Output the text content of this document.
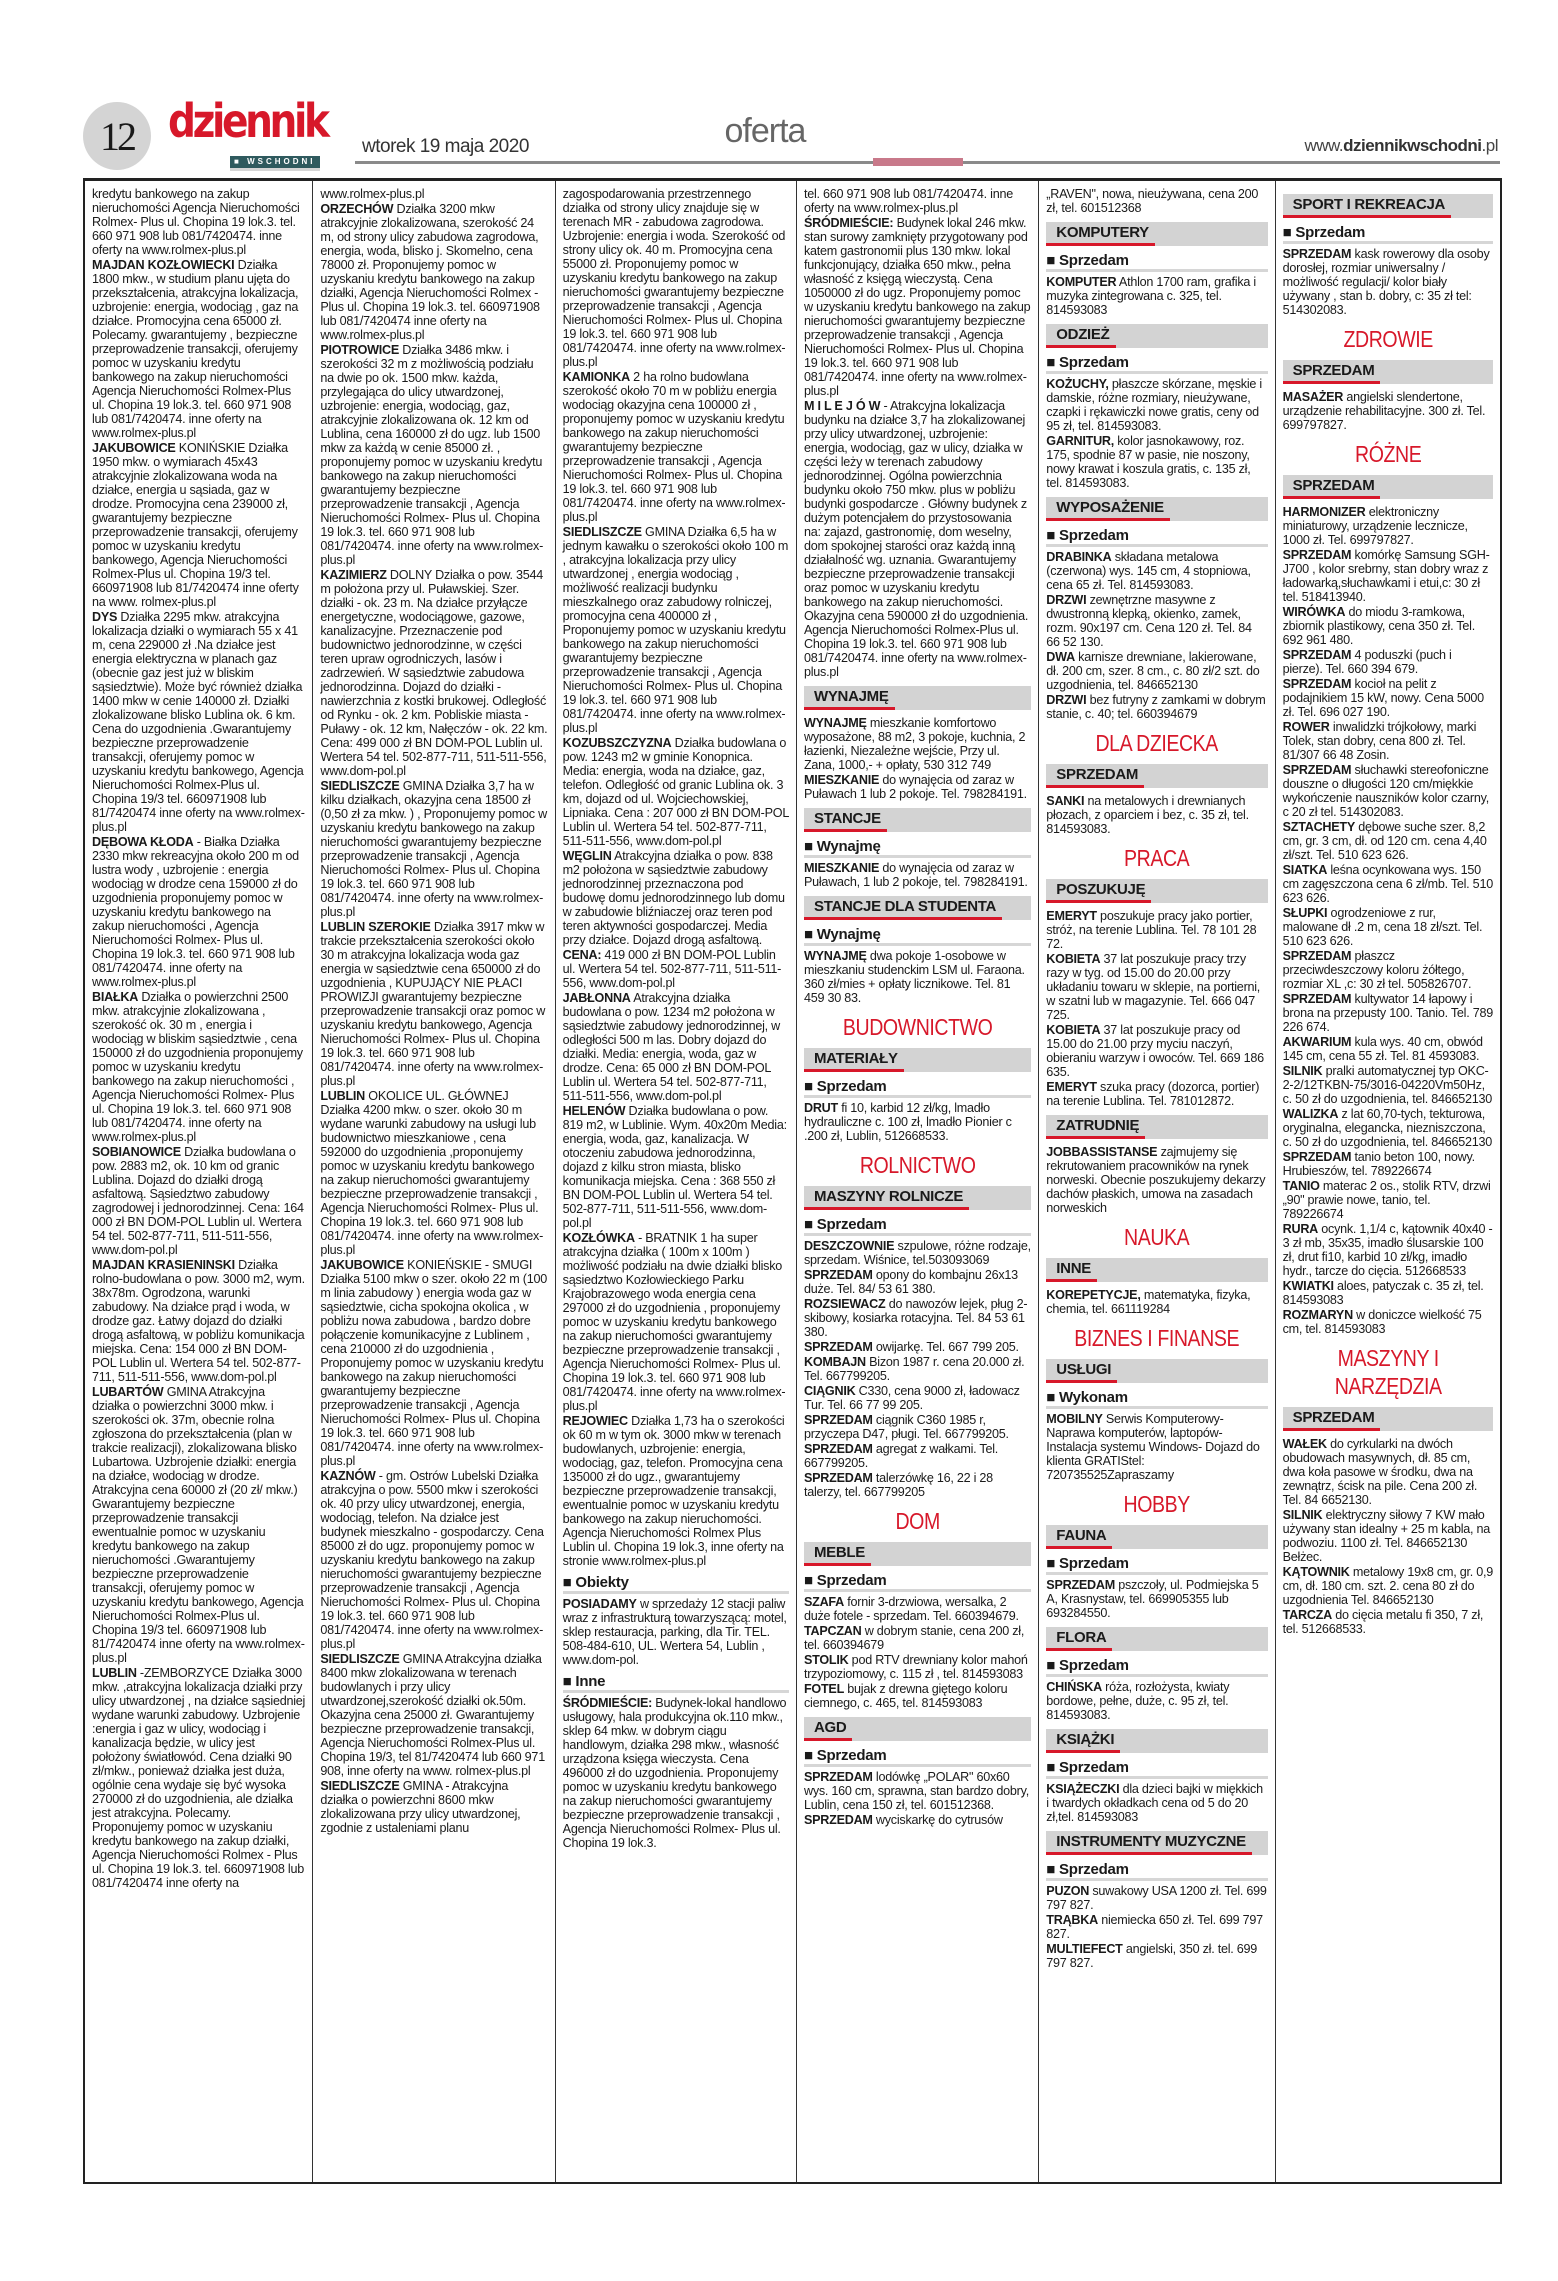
12 dziennik
■ WSCHODNI
wtorek 19 maja 2020	oferta	www.dziennikwschodni.pl
kredytu bankowego na zakup nieruchomości Agencja Nieruchomości Rolmex- Plus ul. Chopina 19 lok.3. tel. 660 971 908 lub 081/7420474. inne oferty na www.rolmex-plus.pl
MAJDAN KOZŁOWIECKI Działka 1800 mkw., w studium planu ujęta do przekształcenia, atrakcyjna lokalizacja, uzbrojenie: energia, wodociąg , gaz na działce. Promocyjna cena 65000 zł. Polecamy. gwarantujemy , bezpieczne przeprowadzenie transakcji, oferujemy pomoc w uzyskaniu kredytu bankowego na zakup nieruchomości Agencja Nieruchomości Rolmex-Plus ul. Chopina 19 lok.3. tel. 660 971 908 lub 081/7420474. inne oferty na www.rolmex-plus.pl
JAKUBOWICE KONIŃSKIE Działka 1950 mkw. o wymiarach 45x43 atrakcyjnie zlokalizowana woda na działce, energia u sąsiada, gaz w drodze. Promocyjna cena 239000 zł, gwarantujemy bezpieczne przeprowadzenie transakcji, oferujemy pomoc w uzyskaniu kredytu bankowego, Agencja Nieruchomości Rolmex-Plus ul. Chopina 19/3 tel. 660971908 lub 81/7420474 inne oferty na www. rolmex-plus.pl
DYS Działka 2295 mkw. atrakcyjna lokalizacja działki o wymiarach 55 x 41 m, cena 229000 zł .Na działce jest energia elektryczna w planach gaz (obecnie gaz jest już w bliskim sąsiedztwie). Może być również działka 1400 mkw w cenie 140000 zł. Działki zlokalizowane blisko Lublina ok. 6 km. Cena do uzgodnienia .Gwarantujemy bezpieczne przeprowadzenie transakcji, oferujemy pomoc w uzyskaniu kredytu bankowego, Agencja Nieruchomości Rolmex-Plus ul. Chopina 19/3 tel. 660971908 lub 81/7420474 inne oferty na www.rolmex-plus.pl
DĘBOWA KŁODA - Białka Działka 2330 mkw rekreacyjna około 200 m od lustra wody , uzbrojenie : energia wodociąg w drodze cena 159000 zł do uzgodnienia proponujemy pomoc w uzyskaniu kredytu bankowego na zakup nieruchomości , Agencja Nieruchomości Rolmex- Plus ul. Chopina 19 lok.3. tel. 660 971 908 lub 081/7420474. inne oferty na www.rolmex-plus.pl
BIAŁKA Działka o powierzchni 2500 mkw. atrakcyjnie zlokalizowana , szerokość ok. 30 m , energia i wodociąg w bliskim sąsiedztwie , cena 150000 zł do uzgodnienia proponujemy pomoc w uzyskaniu kredytu bankowego na zakup nieruchomości , Agencja Nieruchomości Rolmex- Plus ul. Chopina 19 lok.3. tel. 660 971 908 lub 081/7420474. inne oferty na www.rolmex-plus.pl
SOBIANOWICE Działka budowlana o pow. 2883 m2, ok. 10 km od granic Lublina. Dojazd do działki drogą asfaltową. Sąsiedztwo zabudowy zagrodowej i jednorodzinnej. Cena: 164 000 zł BN DOM-POL Lublin ul. Wertera 54 tel. 502-877-711, 511-511-556, www.dom-pol.pl
MAJDAN KRASIENINSKI Działka rolno-budowlana o pow. 3000 m2, wym. 38x78m. Ogrodzona, warunki zabudowy. Na działce prąd i woda, w drodze gaz. Łatwy dojazd do działki drogą asfaltową, w pobliżu komunikacja miejska. Cena: 154 000 zł BN DOM-POL Lublin ul. Wertera 54 tel. 502-877-711, 511-511-556, www.dom-pol.pl
LUBARTÓW GMINA Atrakcyjna działka o powierzchni 3000 mkw. i szerokości ok. 37m, obecnie rolna zgłoszona do przekształcenia (plan w trakcie realizacji), zlokalizowana blisko Lubartowa. Uzbrojenie działki: energia na działce, wodociąg w drodze. Atrakcyjna cena 60000 zł (20 zł/ mkw.) Gwarantujemy bezpieczne przeprowadzenie transakcji ewentualnie pomoc w uzyskaniu kredytu bankowego na zakup nieruchomości .Gwarantujemy bezpieczne przeprowadzenie transakcji, oferujemy pomoc w uzyskaniu kredytu bankowego, Agencja Nieruchomości Rolmex-Plus ul. Chopina 19/3 tel. 660971908 lub 81/7420474 inne oferty na www.rolmex-plus.pl
LUBLIN -ZEMBORZYCE Działka 3000 mkw. ,atrakcyjna lokalizacja działki przy ulicy utwardzonej , na działce sąsiedniej wydane warunki zabudowy. Uzbrojenie :energia i gaz w ulicy, wodociąg i kanalizacja będzie, w ulicy jest położony światłowód. Cena działki 90 zł/mkw., ponieważ działka jest duża, ogólnie cena wydaje się być wysoka 270000 zł do uzgodnienia, ale działka jest atrakcyjna. Polecamy. Proponujemy pomoc w uzyskaniu kredytu bankowego na zakup działki, Agencja Nieruchomości Rolmex - Plus ul. Chopina 19 lok.3. tel. 660971908 lub 081/7420474 inne oferty na
www.rolmex-plus.pl
ORZECHÓW Działka 3200 mkw atrakcyjnie zlokalizowana, szerokość 24 m, od strony ulicy zabudowa zagrodowa, energia, woda, blisko j. Skomelno, cena 78000 zł. Proponujemy pomoc w uzyskaniu kredytu bankowego na zakup działki, Agencja Nieruchomości Rolmex - Plus ul. Chopina 19 lok.3. tel. 660971908 lub 081/7420474 inne oferty na www.rolmex-plus.pl
PIOTROWICE Działka 3486 mkw. i szerokości 32 m z możliwością podziału na dwie po ok. 1500 mkw. każda, przylegająca do ulicy utwardzonej, uzbrojenie: energia, wodociąg, gaz, atrakcyjnie zlokalizowana ok. 12 km od Lublina, cena 160000 zł do ugz. lub 1500 mkw za każdą w cenie 85000 zł. , proponujemy pomoc w uzyskaniu kredytu bankowego na zakup nieruchomości gwarantujemy bezpieczne przeprowadzenie transakcji , Agencja Nieruchomości Rolmex- Plus ul. Chopina 19 lok.3. tel. 660 971 908 lub 081/7420474. inne oferty na www.rolmex-plus.pl
KAZIMIERZ DOLNY Działka o pow. 3544 m położona przy ul. Puławskiej. Szer. działki - ok. 23 m. Na działce przyłącze energetyczne, wodociągowe, gazowe, kanalizacyjne. Przeznaczenie pod budownictwo jednorodzinne, w części teren upraw ogrodniczych, lasów i zadrzewień. W sąsiedztwie zabudowa jednorodzinna. Dojazd do działki - nawierzchnia z kostki brukowej. Odległość od Rynku - ok. 2 km. Pobliskie miasta - Puławy - ok. 12 km, Nałęczów - ok. 22 km. Cena: 499 000 zł BN DOM-POL Lublin ul. Wertera 54 tel. 502-877-711, 511-511-556, www.dom-pol.pl
SIEDLISZCZE GMINA Działka 3,7 ha w kilku działkach, okazyjna cena 18500 zł (0,50 zł za mkw. ) , Proponujemy pomoc w uzyskaniu kredytu bankowego na zakup nieruchomości gwarantujemy bezpieczne przeprowadzenie transakcji , Agencja Nieruchomości Rolmex- Plus ul. Chopina 19 lok.3. tel. 660 971 908 lub 081/7420474. inne oferty na www.rolmex-plus.pl
LUBLIN SZEROKIE Działka 3917 mkw w trakcie przekształcenia szerokości około 30 m atrakcyjna lokalizacja woda gaz energia w sąsiedztwie cena 650000 zł do uzgodnienia , KUPUJĄCY NIE PŁACI PROWIZJI gwarantujemy bezpieczne przeprowadzenie transakcji oraz pomoc w uzyskaniu kredytu bankowego, Agencja Nieruchomości Rolmex- Plus ul. Chopina 19 lok.3. tel. 660 971 908 lub 081/7420474. inne oferty na www.rolmex-plus.pl
LUBLIN OKOLICE UL. GŁÓWNEJ Działka 4200 mkw. o szer. około 30 m wydane warunki zabudowy na usługi lub budownictwo mieszkaniowe , cena 592000 do uzgodnienia ,proponujemy pomoc w uzyskaniu kredytu bankowego na zakup nieruchomości gwarantujemy bezpieczne przeprowadzenie transakcji , Agencja Nieruchomości Rolmex- Plus ul. Chopina 19 lok.3. tel. 660 971 908 lub 081/7420474. inne oferty na www.rolmex-plus.pl
JAKUBOWICE KONIEŃSKIE - SMUGI Działka 5100 mkw o szer. około 22 m (100 m linia zabudowy ) energia woda gaz w sąsiedztwie, cicha spokojna okolica , w pobliżu nowa zabudowa , bardzo dobre połączenie komunikacyjne z Lublinem , cena 210000 zł do uzgodnienia , Proponujemy pomoc w uzyskaniu kredytu bankowego na zakup nieruchomości gwarantujemy bezpieczne przeprowadzenie transakcji , Agencja Nieruchomości Rolmex- Plus ul. Chopina 19 lok.3. tel. 660 971 908 lub 081/7420474. inne oferty na www.rolmex-plus.pl
KAZNÓW - gm. Ostrów Lubelski Działka atrakcyjna o pow. 5500 mkw i szerokości ok. 40 przy ulicy utwardzonej, energia, wodociąg, telefon. Na działce jest budynek mieszkalno - gospodarczy. Cena 85000 zł do ugz. proponujemy pomoc w uzyskaniu kredytu bankowego na zakup nieruchomości gwarantujemy bezpieczne przeprowadzenie transakcji , Agencja Nieruchomości Rolmex- Plus ul. Chopina 19 lok.3. tel. 660 971 908 lub 081/7420474. inne oferty na www.rolmex-plus.pl
SIEDLISZCZE GMINA Atrakcyjna działka 8400 mkw zlokalizowana w terenach budowlanych i przy ulicy utwardzonej,szerokość działki ok.50m. Okazyjna cena 25000 zł. Gwarantujemy bezpieczne przeprowadzenie transakcji, Agencja Nieruchomości Rolmex-Plus ul. Chopina 19/3, tel 81/7420474 lub 660 971 908, inne oferty na www. rolmex-plus.pl
SIEDLISZCZE GMINA - Atrakcyjna działka o powierzchni 8600 mkw zlokalizowana przy ulicy utwardzonej, zgodnie z ustaleniami planu
zagospodarowania przestrzennego działka od strony ulicy znajduje się w terenach MR - zabudowa zagrodowa. Uzbrojenie: energia i woda. Szerokość od strony ulicy ok. 40 m. Promocyjna cena 55000 zł. Proponujemy pomoc w uzyskaniu kredytu bankowego na zakup nieruchomości gwarantujemy bezpieczne przeprowadzenie transakcji , Agencja Nieruchomości Rolmex- Plus ul. Chopina 19 lok.3. tel. 660 971 908 lub 081/7420474. inne oferty na www.rolmex-plus.pl
KAMIONKA 2 ha rolno budowlana szerokość około 70 m w pobliżu energia wodociąg okazyjna cena 100000 zł , proponujemy pomoc w uzyskaniu kredytu bankowego na zakup nieruchomości gwarantujemy bezpieczne przeprowadzenie transakcji , Agencja Nieruchomości Rolmex- Plus ul. Chopina 19 lok.3. tel. 660 971 908 lub 081/7420474. inne oferty na www.rolmex-plus.pl
SIEDLISZCZE GMINA Działka 6,5 ha w jednym kawałku o szerokości około 100 m , atrakcyjna lokalizacja przy ulicy utwardzonej , energia wodociąg , możliwość realizacji budynku mieszkalnego oraz zabudowy rolniczej, promocyjna cena 400000 zł , Proponujemy pomoc w uzyskaniu kredytu bankowego na zakup nieruchomości gwarantujemy bezpieczne przeprowadzenie transakcji , Agencja Nieruchomości Rolmex- Plus ul. Chopina 19 lok.3. tel. 660 971 908 lub 081/7420474. inne oferty na www.rolmex-plus.pl
KOZUBSZCZYZNA Działka budowlana o pow. 1243 m2 w gminie Konopnica. Media: energia, woda na działce, gaz, telefon. Odległość od granic Lublina ok. 3 km, dojazd od ul. Wojciechowskiej, Lipniaka. Cena : 207 000 zł BN DOM-POL Lublin ul. Wertera 54 tel. 502-877-711, 511-511-556, www.dom-pol.pl
WĘGLIN Atrakcyjna działka o pow. 838 m2 położona w sąsiedztwie zabudowy jednorodzinnej przeznaczona pod budowę domu jednorodzinnego lub domu w zabudowie bliźniaczej oraz teren pod teren aktywności gospodarczej. Media przy działce. Dojazd drogą asfaltową.
CENA: 419 000 zł BN DOM-POL Lublin ul. Wertera 54 tel. 502-877-711, 511-511-556, www.dom-pol.pl
JABŁONNA Atrakcyjna działka budowlana o pow. 1234 m2 położona w sąsiedztwie zabudowy jednorodzinnej, w odległości 500 m las. Dobry dojazd do działki. Media: energia, woda, gaz w drodze. Cena: 65 000 zł BN DOM-POL Lublin ul. Wertera 54 tel. 502-877-711, 511-511-556, www.dom-pol.pl
HELENÓW Działka budowlana o pow. 819 m2, w Lublinie. Wym. 40x20m Media: energia, woda, gaz, kanalizacja. W otoczeniu zabudowa jednorodzinna, dojazd z kilku stron miasta, blisko komunikacja miejska. Cena : 368 550 zł BN DOM-POL Lublin ul. Wertera 54 tel. 502-877-711, 511-511-556, www.dom-pol.pl
KOZŁÓWKA - BRATNIK 1 ha super atrakcyjna działka ( 100m x 100m ) możliwość podziału na dwie działki blisko sąsiedztwo Kozłowieckiego Parku Krajobrazowego woda energia cena 297000 zł do uzgodnienia , proponujemy pomoc w uzyskaniu kredytu bankowego na zakup nieruchomości gwarantujemy bezpieczne przeprowadzenie transakcji , Agencja Nieruchomości Rolmex- Plus ul. Chopina 19 lok.3. tel. 660 971 908 lub 081/7420474. inne oferty na www.rolmex-plus.pl
REJOWIEC Działka 1,73 ha o szerokości ok 60 m w tym ok. 3000 mkw w terenach budowlanych, uzbrojenie: energia, wodociąg, gaz, telefon. Promocyjna cena 135000 zł do ugz., gwarantujemy bezpieczne przeprowadzenie transakcji, ewentualnie pomoc w uzyskaniu kredytu bankowego na zakup nieruchomości. Agencja Nieruchomości Rolmex Plus Lublin ul. Chopina 19 lok.3, inne oferty na stronie www.rolmex-plus.pl
■ Obiekty
POSIADAMY w sprzedaży 12 stacji paliw wraz z infrastrukturą towarzyszącą: motel, sklep restauracja, parking, dla Tir. TEL. 508-484-610, UL. Wertera 54, Lublin , www.dom-pol.
■ Inne
ŚRÓDMIEŚCIE: Budynek-lokal handlowo usługowy, hala produkcyjna ok.110 mkw., sklep 64 mkw. w dobrym ciągu handlowym, działka 298 mkw., własność urządzona księga wieczysta. Cena 496000 zł do uzgodnienia. Proponujemy pomoc w uzyskaniu kredytu bankowego na zakup nieruchomości gwarantujemy bezpieczne przeprowadzenie transakcji , Agencja Nieruchomości Rolmex- Plus ul. Chopina 19 lok.3.
tel. 660 971 908 lub 081/7420474. inne oferty na www.rolmex-plus.pl
ŚRÓDMIEŚCIE: Budynek lokal 246 mkw. stan surowy zamknięty przygotowany pod katem gastronomii plus 130 mkw. lokal funkcjonujący, działka 650 mkw., pełna własność z księgą wieczystą. Cena 1050000 zł do ugz. Proponujemy pomoc w uzyskaniu kredytu bankowego na zakup nieruchomości gwarantujemy bezpieczne przeprowadzenie transakcji , Agencja Nieruchomości Rolmex- Plus ul. Chopina 19 lok.3. tel. 660 971 908 lub 081/7420474. inne oferty na www.rolmex-plus.pl
M I L E J Ó W - Atrakcyjna lokalizacja budynku na działce 3,7 ha zlokalizowanej przy ulicy utwardzonej, uzbrojenie: energia, wodociąg, gaz w ulicy, działka w części leży w terenach zabudowy jednorodzinnej. Ogólna powierzchnia budynku około 750 mkw. plus w pobliżu budynki gospodarcze . Główny budynek z dużym potencjałem do przystosowania na: zajazd, gastronomię, dom weselny, dom spokojnej starości oraz każdą inną działalność wg. uznania. Gwarantujemy bezpieczne przeprowadzenie transakcji oraz pomoc w uzyskaniu kredytu bankowego na zakup nieruchomości. Okazyjna cena 590000 zł do uzgodnienia. Agencja Nieruchomości Rolmex-Plus ul. Chopina 19 lok.3. tel. 660 971 908 lub 081/7420474. inne oferty na www.rolmex-plus.pl
WYNAJMĘ
WYNAJMĘ mieszkanie komfortowo wyposażone, 88 m2, 3 pokoje, kuchnia, 2 łazienki, Niezależne wejście, Przy ul. Zana, 1000,- + opłaty, 530 312 749
MIESZKANIE do wynajęcia od zaraz w Puławach 1 lub 2 pokoje. Tel. 798284191.
STANCJE
■ Wynajmę
MIESZKANIE do wynajęcia od zaraz w Puławach, 1 lub 2 pokoje, tel. 798284191.
STANCJE DLA STUDENTA
■ Wynajmę
WYNAJMĘ dwa pokoje 1-osobowe w mieszkaniu studenckim LSM ul. Faraona. 360 zł/mies + opłaty licznikowe. Tel. 81 459 30 83.
BUDOWNICTWO
MATERIAŁY
■ Sprzedam
DRUT fi 10, karbid 12 zł/kg, lmadło hydrauliczne c. 100 zł, lmadło Pionier c .200 zł, Lublin, 512668533.
ROLNICTWO
MASZYNY ROLNICZE
■ Sprzedam
DESZCZOWNIE szpulowe, różne rodzaje, sprzedam. Wiśnice, tel.503093069
SPRZEDAM opony do kombajnu 26x13 duże. Tel. 84/ 53 61 380.
ROZSIEWACZ do nawozów lejek, pług 2-skibowy, kosiarka rotacyjna. Tel. 84 53 61 380.
SPRZEDAM owijarkę. Tel. 667 799 205.
KOMBAJN Bizon 1987 r. cena 20.000 zł. Tel. 667799205.
CIĄGNIK C330, cena 9000 zł, ładowacz Tur. Tel. 66 77 99 205.
SPRZEDAM ciągnik C360 1985 r, przyczepa D47, pługi. Tel. 667799205.
SPRZEDAM agregat z wałkami. Tel. 667799205.
SPRZEDAM talerzówkę 16, 22 i 28 talerzy, tel. 667799205
DOM
MEBLE
■ Sprzedam
SZAFA fornir 3-drzwiowa, wersalka, 2 duże fotele - sprzedam. Tel. 660394679.
TAPCZAN w dobrym stanie, cena 200 zł, tel. 660394679
STOLIK pod RTV drewniany kolor mahoń trzypoziomowy, c. 115 zł , tel. 814593083
FOTEL bujak z drewna giętego koloru ciemnego, c. 465, tel. 814593083
AGD
■ Sprzedam
SPRZEDAM lodówkę „POLAR" 60x60 wys. 160 cm, sprawna, stan bardzo dobry, Lublin, cena 150 zł, tel. 601512368.
SPRZEDAM wyciskarkę do cytrusów
„RAVEN", nowa, nieużywana, cena 200 zł, tel. 601512368
KOMPUTERY
■ Sprzedam
KOMPUTER Athlon 1700 ram, grafika i muzyka zintegrowana c. 325, tel. 814593083
ODZIEŻ
■ Sprzedam
KOŻUCHY, płaszcze skórzane, męskie i damskie, różne rozmiary, nieużywane, czapki i rękawiczki nowe gratis, ceny od 95 zł, tel. 814593083.
GARNITUR, kolor jasnokawowy, roz. 175, spodnie 87 w pasie, nie noszony, nowy krawat i koszula gratis, c. 135 zł, tel. 814593083.
WYPOSAŻENIE
■ Sprzedam
DRABINKA składana metalowa (czerwona) wys. 145 cm, 4 stopniowa, cena 65 zł. Tel. 814593083.
DRZWI zewnętrzne masywne z dwustronną klepką, okienko, zamek, rozm. 90x197 cm. Cena 120 zł. Tel. 84 66 52 130.
DWA karnisze drewniane, lakierowane, dł. 200 cm, szer. 8 cm., c. 80 zł/2 szt. do uzgodnienia, tel. 846652130
DRZWI bez futryny z zamkami w dobrym stanie, c. 40; tel. 660394679
DLA DZIECKA
SPRZEDAM
SANKI na metalowych i drewnianych płozach, z oparciem i bez, c. 35 zł, tel. 814593083.
PRACA
POSZUKUJĘ
EMERYT poszukuje pracy jako portier, stróż, na terenie Lublina. Tel. 78 101 28 72.
KOBIETA 37 lat poszukuje pracy trzy razy w tyg. od 15.00 do 20.00 przy układaniu towaru w sklepie, na portierni, w szatni lub w magazynie. Tel. 666 047 725.
KOBIETA 37 lat poszukuje pracy od 15.00 do 21.00 przy myciu naczyń, obieraniu warzyw i owoców. Tel. 669 186 635.
EMERYT szuka pracy (dozorca, portier) na terenie Lublina. Tel. 781012872.
ZATRUDNIĘ
JOBBASSISTANSE zajmujemy się rekrutowaniem pracowników na rynek norweski. Obecnie poszukujemy dekarzy dachów płaskich, umowa na zasadach norweskich
NAUKA
INNE
KOREPETYCJE, matematyka, fizyka, chemia, tel. 661119284
BIZNES I FINANSE
USŁUGI
■ Wykonam
MOBILNY Serwis Komputerowy-Naprawa komputerów, laptopów-Instalacja systemu Windows- Dojazd do klienta GRATIStel: 720735525Zapraszamy
HOBBY
FAUNA
■ Sprzedam
SPRZEDAM pszczoły, ul. Podmiejska 5 A, Krasnystaw, tel. 669905355 lub 693284550.
FLORA
■ Sprzedam
CHIŃSKA róża, rozłożysta, kwiaty bordowe, pełne, duże, c. 95 zł, tel. 814593083.
KSIĄŻKI
■ Sprzedam
KSIĄŻECZKI dla dzieci bajki w miękkich i twardych okładkach cena od 5 do 20 zł,tel. 814593083
INSTRUMENTY MUZYCZNE
■ Sprzedam
PUZON suwakowy USA 1200 zł. Tel. 699 797 827.
TRĄBKA niemiecka 650 zł. Tel. 699 797 827.
MULTIEFECT angielski, 350 zł. tel. 699 797 827.
SPORT I REKREACJA
■ Sprzedam
SPRZEDAM kask rowerowy dla osoby dorosłej, rozmiar uniwersalny / możliwość regulacji/ kolor biały używany , stan b. dobry, c: 35 zł tel: 514302083.
ZDROWIE
SPRZEDAM
MASAŻER angielski slendertone, urządzenie rehabilitacyjne. 300 zł. Tel. 699797827.
RÓŻNE
SPRZEDAM
HARMONIZER elektroniczny miniaturowy, urządzenie lecznicze, 1000 zł. Tel. 699797827.
SPRZEDAM komórkę Samsung SGH-J700 , kolor srebrny, stan dobry wraz z ładowarką,słuchawkami i etui,c: 30 zł tel. 518413940.
WIRÓWKA do miodu 3-ramkowa, zbiornik plastikowy, cena 350 zł. Tel. 692 961 480.
SPRZEDAM 4 poduszki (puch i pierze). Tel. 660 394 679.
SPRZEDAM kocioł na pelit z podajnikiem 15 kW, nowy. Cena 5000 zł. Tel. 696 027 190.
ROWER inwalidzki trójkołowy, marki Tolek, stan dobry, cena 800 zł. Tel. 81/307 66 48 Zosin.
SPRZEDAM słuchawki stereofoniczne douszne o długości 120 cm/miękkie wykończenie nauszników kolor czarny, c 20 zł tel. 514302083.
SZTACHETY dębowe suche szer. 8,2 cm, gr. 3 cm, dł. od 120 cm. cena 4,40 zł/szt. Tel. 510 623 626.
SIATKA leśna ocynkowana wys. 150 cm zagęszczona cena 6 zł/mb. Tel. 510 623 626.
SŁUPKI ogrodzeniowe z rur, malowane dł .2 m, cena 18 zł/szt. Tel. 510 623 626.
SPRZEDAM płaszcz przeciwdeszczowy koloru żółtego, rozmiar XL ,c: 30 zł tel. 505826707.
SPRZEDAM kultywator 14 łapowy i brona na przepusty 100. Tanio. Tel. 789 226 674.
AKWARIUM kula wys. 40 cm, obwód 145 cm, cena 55 zł. Tel. 81 4593083.
SILNIK pralki automatycznej typ OKC-2-2/12TKBN-75/3016-04220Vm50Hz, c. 50 zł do uzgodnienia, tel. 846652130
WALIZKA z lat 60,70-tych, tekturowa, oryginalna, elegancka, niezniszczona, c. 50 zł do uzgodnienia, tel. 846652130
SPRZEDAM tanio beton 100, nowy. Hrubieszów, tel. 789226674
TANIO materac 2 os., stolik RTV, drzwi „90" prawie nowe, tanio, tel. 789226674
RURA ocynk. 1,1/4 c, kątownik 40x40 - 3 zł mb, 35x35, imadło ślusarskie 100 zł, drut fi10, karbid 10 zł/kg, imadło hydr., tarcze do cięcia. 512668533
KWIATKI aloes, patyczak c. 35 zł, tel. 814593083
ROZMARYN w doniczce wielkość 75 cm, tel. 814593083
MASZYNY I NARZĘDZIA
SPRZEDAM
WAŁEK do cyrkularki na dwóch obudowach masywnych, dł. 85 cm, dwa koła pasowe w środku, dwa na zewnątrz, ścisk na pile. Cena 200 zł. Tel. 84 6652130.
SILNIK elektryczny siłowy 7 KW mało używany stan idealny + 25 m kabla, na podwoziu. 1100 zł. Tel. 846652130 Bełżec.
KĄTOWNIK metalowy 19x8 cm, gr. 0,9 cm, dł. 180 cm. szt. 2. cena 80 zł do uzgodnienia Tel. 846652130
TARCZA do cięcia metalu fi 350, 7 zł, tel. 512668533.
